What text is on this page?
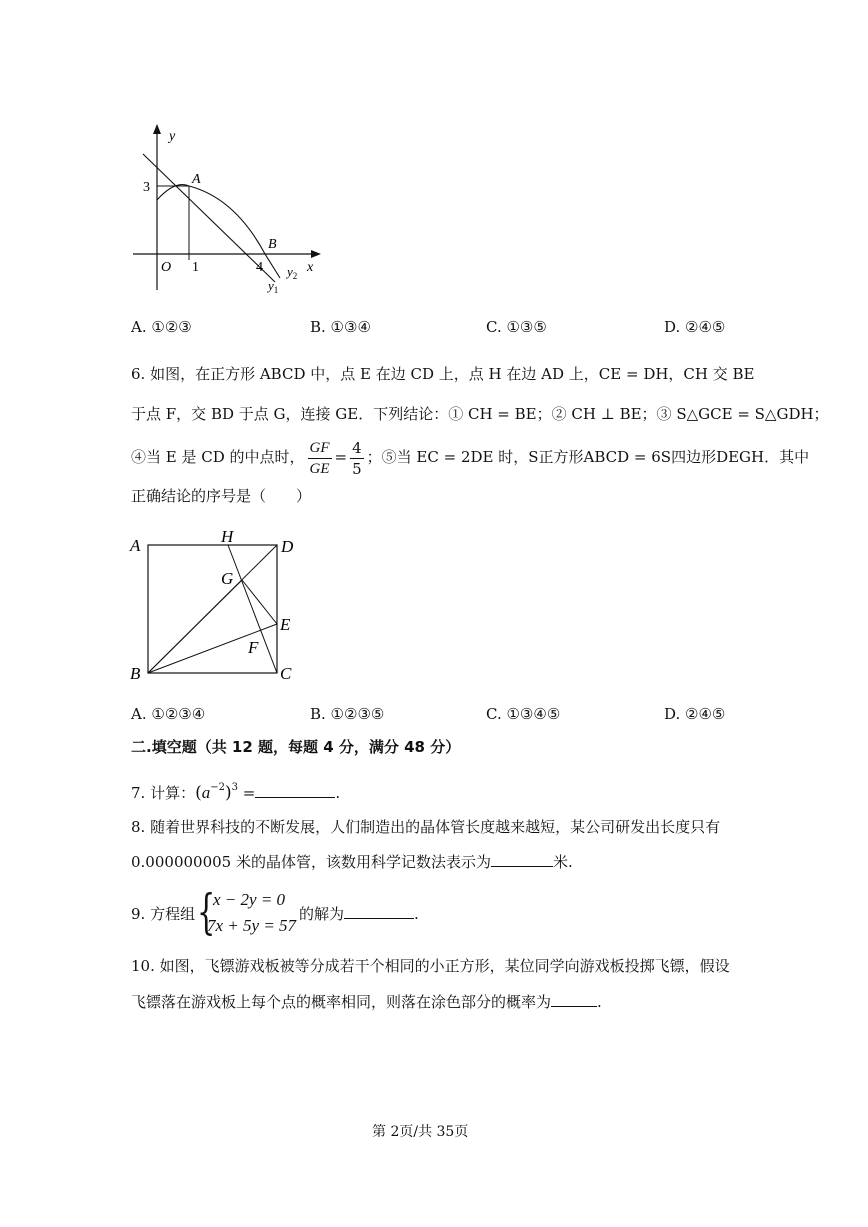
y
3
A
O 1	4
B
x
$y_2$
$y_1$
A. ①②③	B. ①③④	C. ①③⑤	D. ②④⑤
6. 如图，在正方形 ABCD 中，点 E 在边 CD 上，点 H 在边 AD 上，CE = DH，CH 交 BE
于点 F，交 BD 于点 G，连接 GE．下列结论：① CH = BE；② CH ⊥ BE；③ S△GCE = S△GDH；
④当 E 是 CD 的中点时， $\frac{GF}{GE} = \frac{4}{5}$ ；⑤当 EC = 2DE 时，S正方形ABCD = 6S四边形DEGH．其中
正确结论的序号是（　　）
A	H
D
G
E
F
B	C
A. ①②③④	B. ①②③⑤	C. ①③④⑤	D. ②④⑤
二.填空题（共 12 题，每题 4 分，满分 48 分）
7. 计算：$(a^{-2})^3$ =	.
8. 随着世界科技的不断发展，人们制造出的晶体管长度越来越短，某公司研发出长度只有
0.000000005 米的晶体管，该数用科学记数法表示为	米.
9. 方程组 {
x − 2y = 0
7x + 5y = 57
的解为	.
10. 如图，飞镖游戏板被等分成若干个相同的小正方形，某位同学向游戏板投掷飞镖，假设
飞镖落在游戏板上每个点的概率相同，则落在涂色部分的概率为	.
第 2页/共 35页
